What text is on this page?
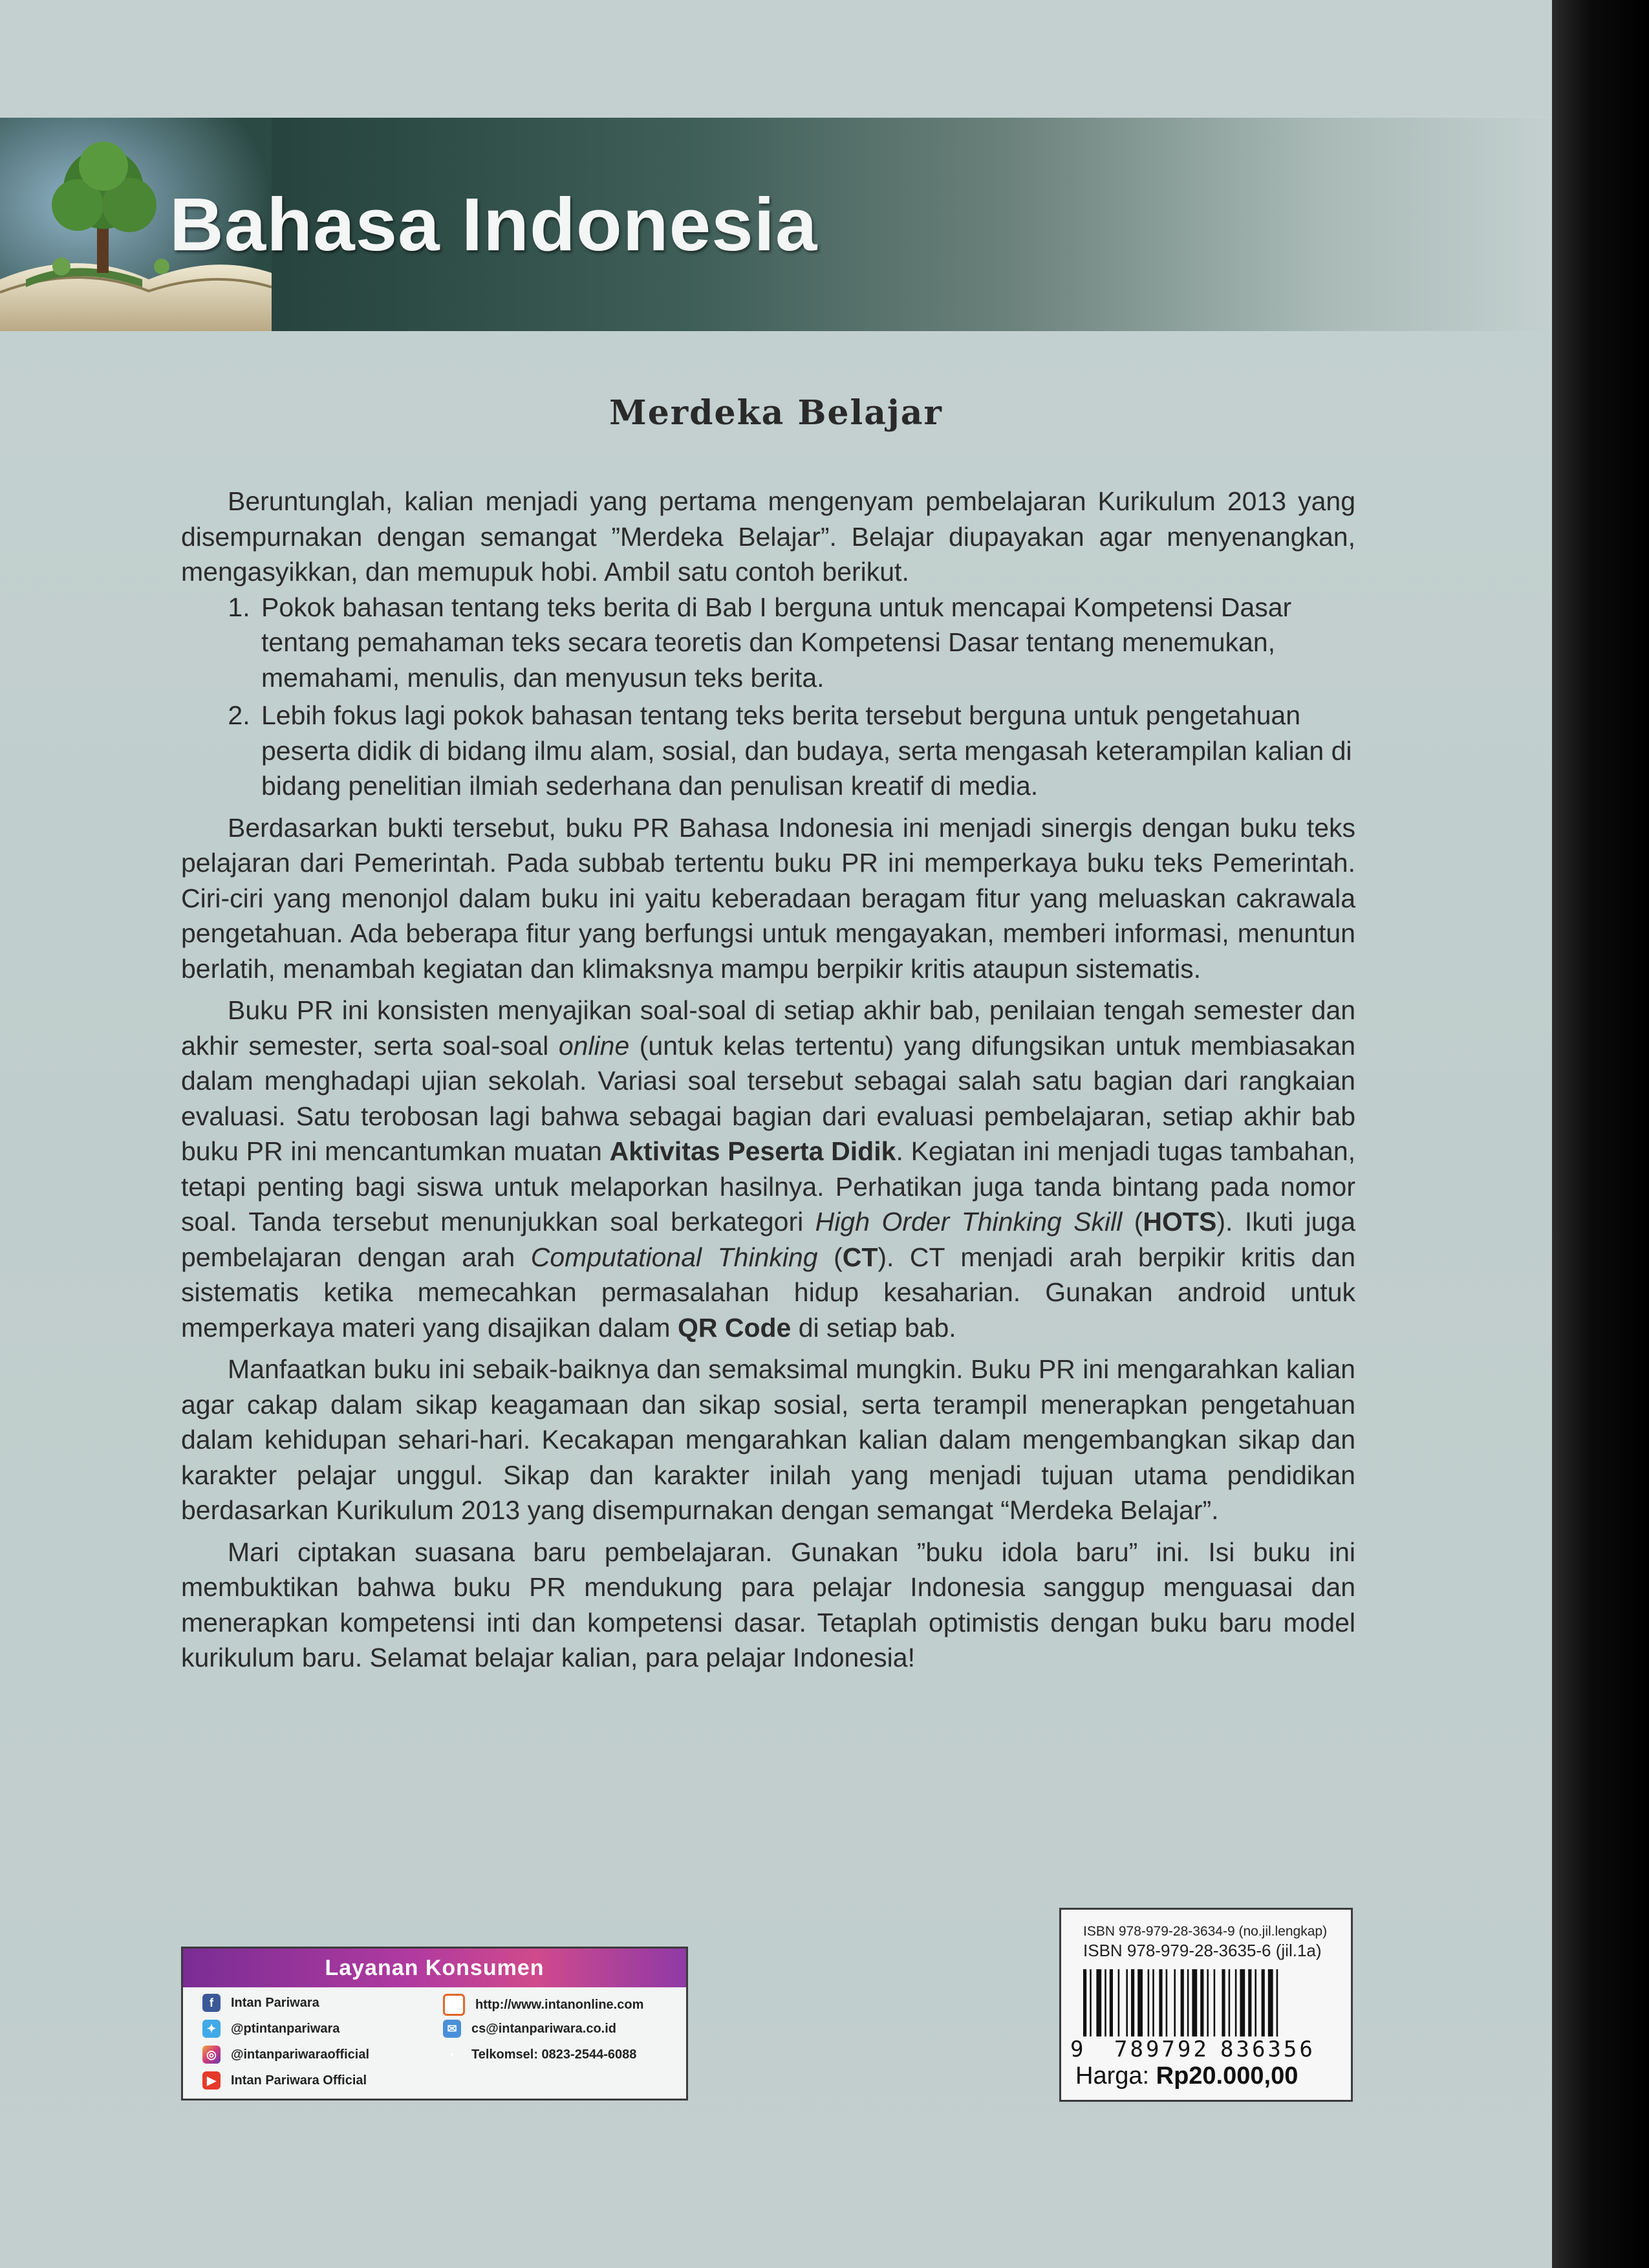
Bahasa Indonesia
Merdeka Belajar

Beruntunglah, kalian menjadi yang pertama mengenyam pembelajaran Kurikulum 2013 yang disempurnakan dengan semangat ”Merdeka Belajar”. Belajar diupayakan agar menyenangkan, mengasyikkan, dan memupuk hobi. Ambil satu contoh berikut.

1. Pokok bahasan tentang teks berita di Bab I berguna untuk mencapai Kompetensi Dasar tentang pemahaman teks secara teoretis dan Kompetensi Dasar tentang menemukan, memahami, menulis, dan menyusun teks berita.
2. Lebih fokus lagi pokok bahasan tentang teks berita tersebut berguna untuk pengetahuan peserta didik di bidang ilmu alam, sosial, dan budaya, serta mengasah keterampilan kalian di bidang penelitian ilmiah sederhana dan penulisan kreatif di media.

Berdasarkan bukti tersebut, buku PR Bahasa Indonesia ini menjadi sinergis dengan buku teks pelajaran dari Pemerintah. Pada subbab tertentu buku PR ini memperkaya buku teks Pemerintah. Ciri-ciri yang menonjol dalam buku ini yaitu keberadaan beragam fitur yang meluaskan cakrawala pengetahuan. Ada beberapa fitur yang berfungsi untuk mengayakan, memberi informasi, menuntun berlatih, menambah kegiatan dan klimaksnya mampu berpikir kritis ataupun sistematis.

Buku PR ini konsisten menyajikan soal-soal di setiap akhir bab, penilaian tengah semester dan akhir semester, serta soal-soal online (untuk kelas tertentu) yang difungsikan untuk membiasakan dalam menghadapi ujian sekolah. Variasi soal tersebut sebagai salah satu bagian dari rangkaian evaluasi. Satu terobosan lagi bahwa sebagai bagian dari evaluasi pembelajaran, setiap akhir bab buku PR ini mencantumkan muatan Aktivitas Peserta Didik. Kegiatan ini menjadi tugas tambahan, tetapi penting bagi siswa untuk melaporkan hasilnya. Perhatikan juga tanda bintang pada nomor soal. Tanda tersebut menunjukkan soal berkategori High Order Thinking Skill (HOTS). Ikuti juga pembelajaran dengan arah Computational Thinking (CT). CT menjadi arah berpikir kritis dan sistematis ketika memecahkan permasalahan hidup kesaharian. Gunakan android untuk memperkaya materi yang disajikan dalam QR Code di setiap bab.

Manfaatkan buku ini sebaik-baiknya dan semaksimal mungkin. Buku PR ini mengarahkan kalian agar cakap dalam sikap keagamaan dan sikap sosial, serta terampil menerapkan pengetahuan dalam kehidupan sehari-hari. Kecakapan mengarahkan kalian dalam mengembangkan sikap dan karakter pelajar unggul. Sikap dan karakter inilah yang menjadi tujuan utama pendidikan berdasarkan Kurikulum 2013 yang disempurnakan dengan semangat “Merdeka Belajar”.

Mari ciptakan suasana baru pembelajaran. Gunakan ”buku idola baru” ini. Isi buku ini membuktikan bahwa buku PR mendukung para pelajar Indonesia sanggup menguasai dan menerapkan kompetensi inti dan kompetensi dasar. Tetaplah optimistis dengan buku baru model kurikulum baru. Selamat belajar kalian, para pelajar Indonesia!

Layanan Konsumen
f	Intan Pariwara
✦	@ptintanpariwara
◎	@intanpariwaraofficial
▶	Intan Pariwara Official
⊕	http://www.intanonline.com
✉	cs@intanpariwara.co.id
•	Telkomsel: 0823-2544-6088
ISBN 978-979-28-3634-9 (no.jil.lengkap)
ISBN 978-979-28-3635-6 (jil.1a)
9 789792 836356
Harga: Rp20.000,00
